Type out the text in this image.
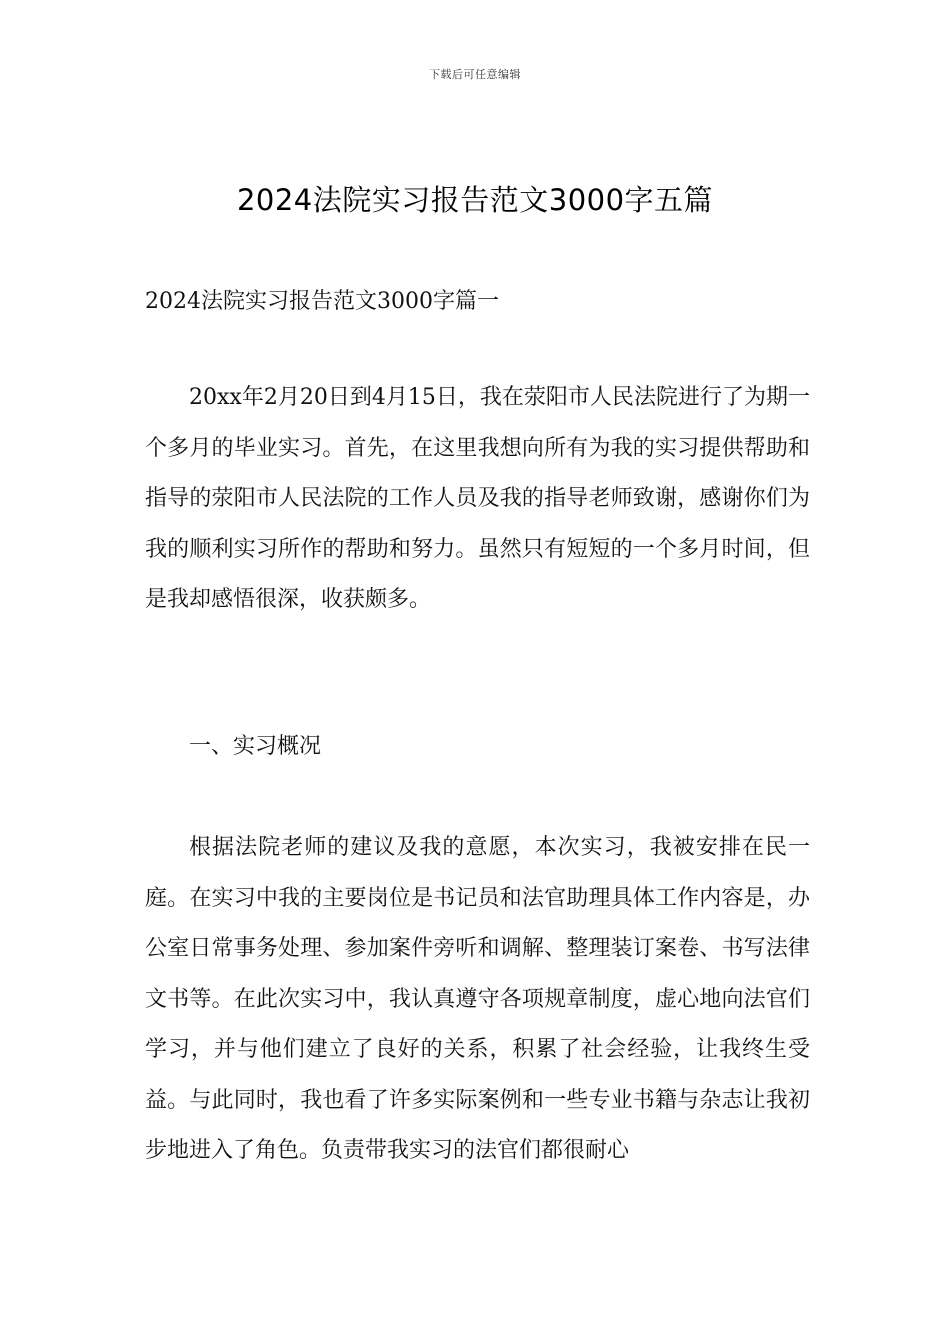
下载后可任意编辑
2024法院实习报告范文3000字五篇

2024法院实习报告范文3000字篇一

20xx年2月20日到4月15日，我在荥阳市人民法院进行了为期一个多月的毕业实习。首先，在这里我想向所有为我的实习提供帮助和指导的荥阳市人民法院的工作人员及我的指导老师致谢，感谢你们为我的顺利实习所作的帮助和努力。虽然只有短短的一个多月时间，但是我却感悟很深，收获颇多。

一、实习概况

根据法院老师的建议及我的意愿，本次实习，我被安排在民一庭。在实习中我的主要岗位是书记员和法官助理具体工作内容是，办公室日常事务处理、参加案件旁听和调解、整理装订案卷、书写法律文书等。在此次实习中，我认真遵守各项规章制度，虚心地向法官们学习，并与他们建立了良好的关系，积累了社会经验，让我终生受益。与此同时，我也看了许多实际案例和一些专业书籍与杂志让我初步地进入了角色。负责带我实习的法官们都很耐心
